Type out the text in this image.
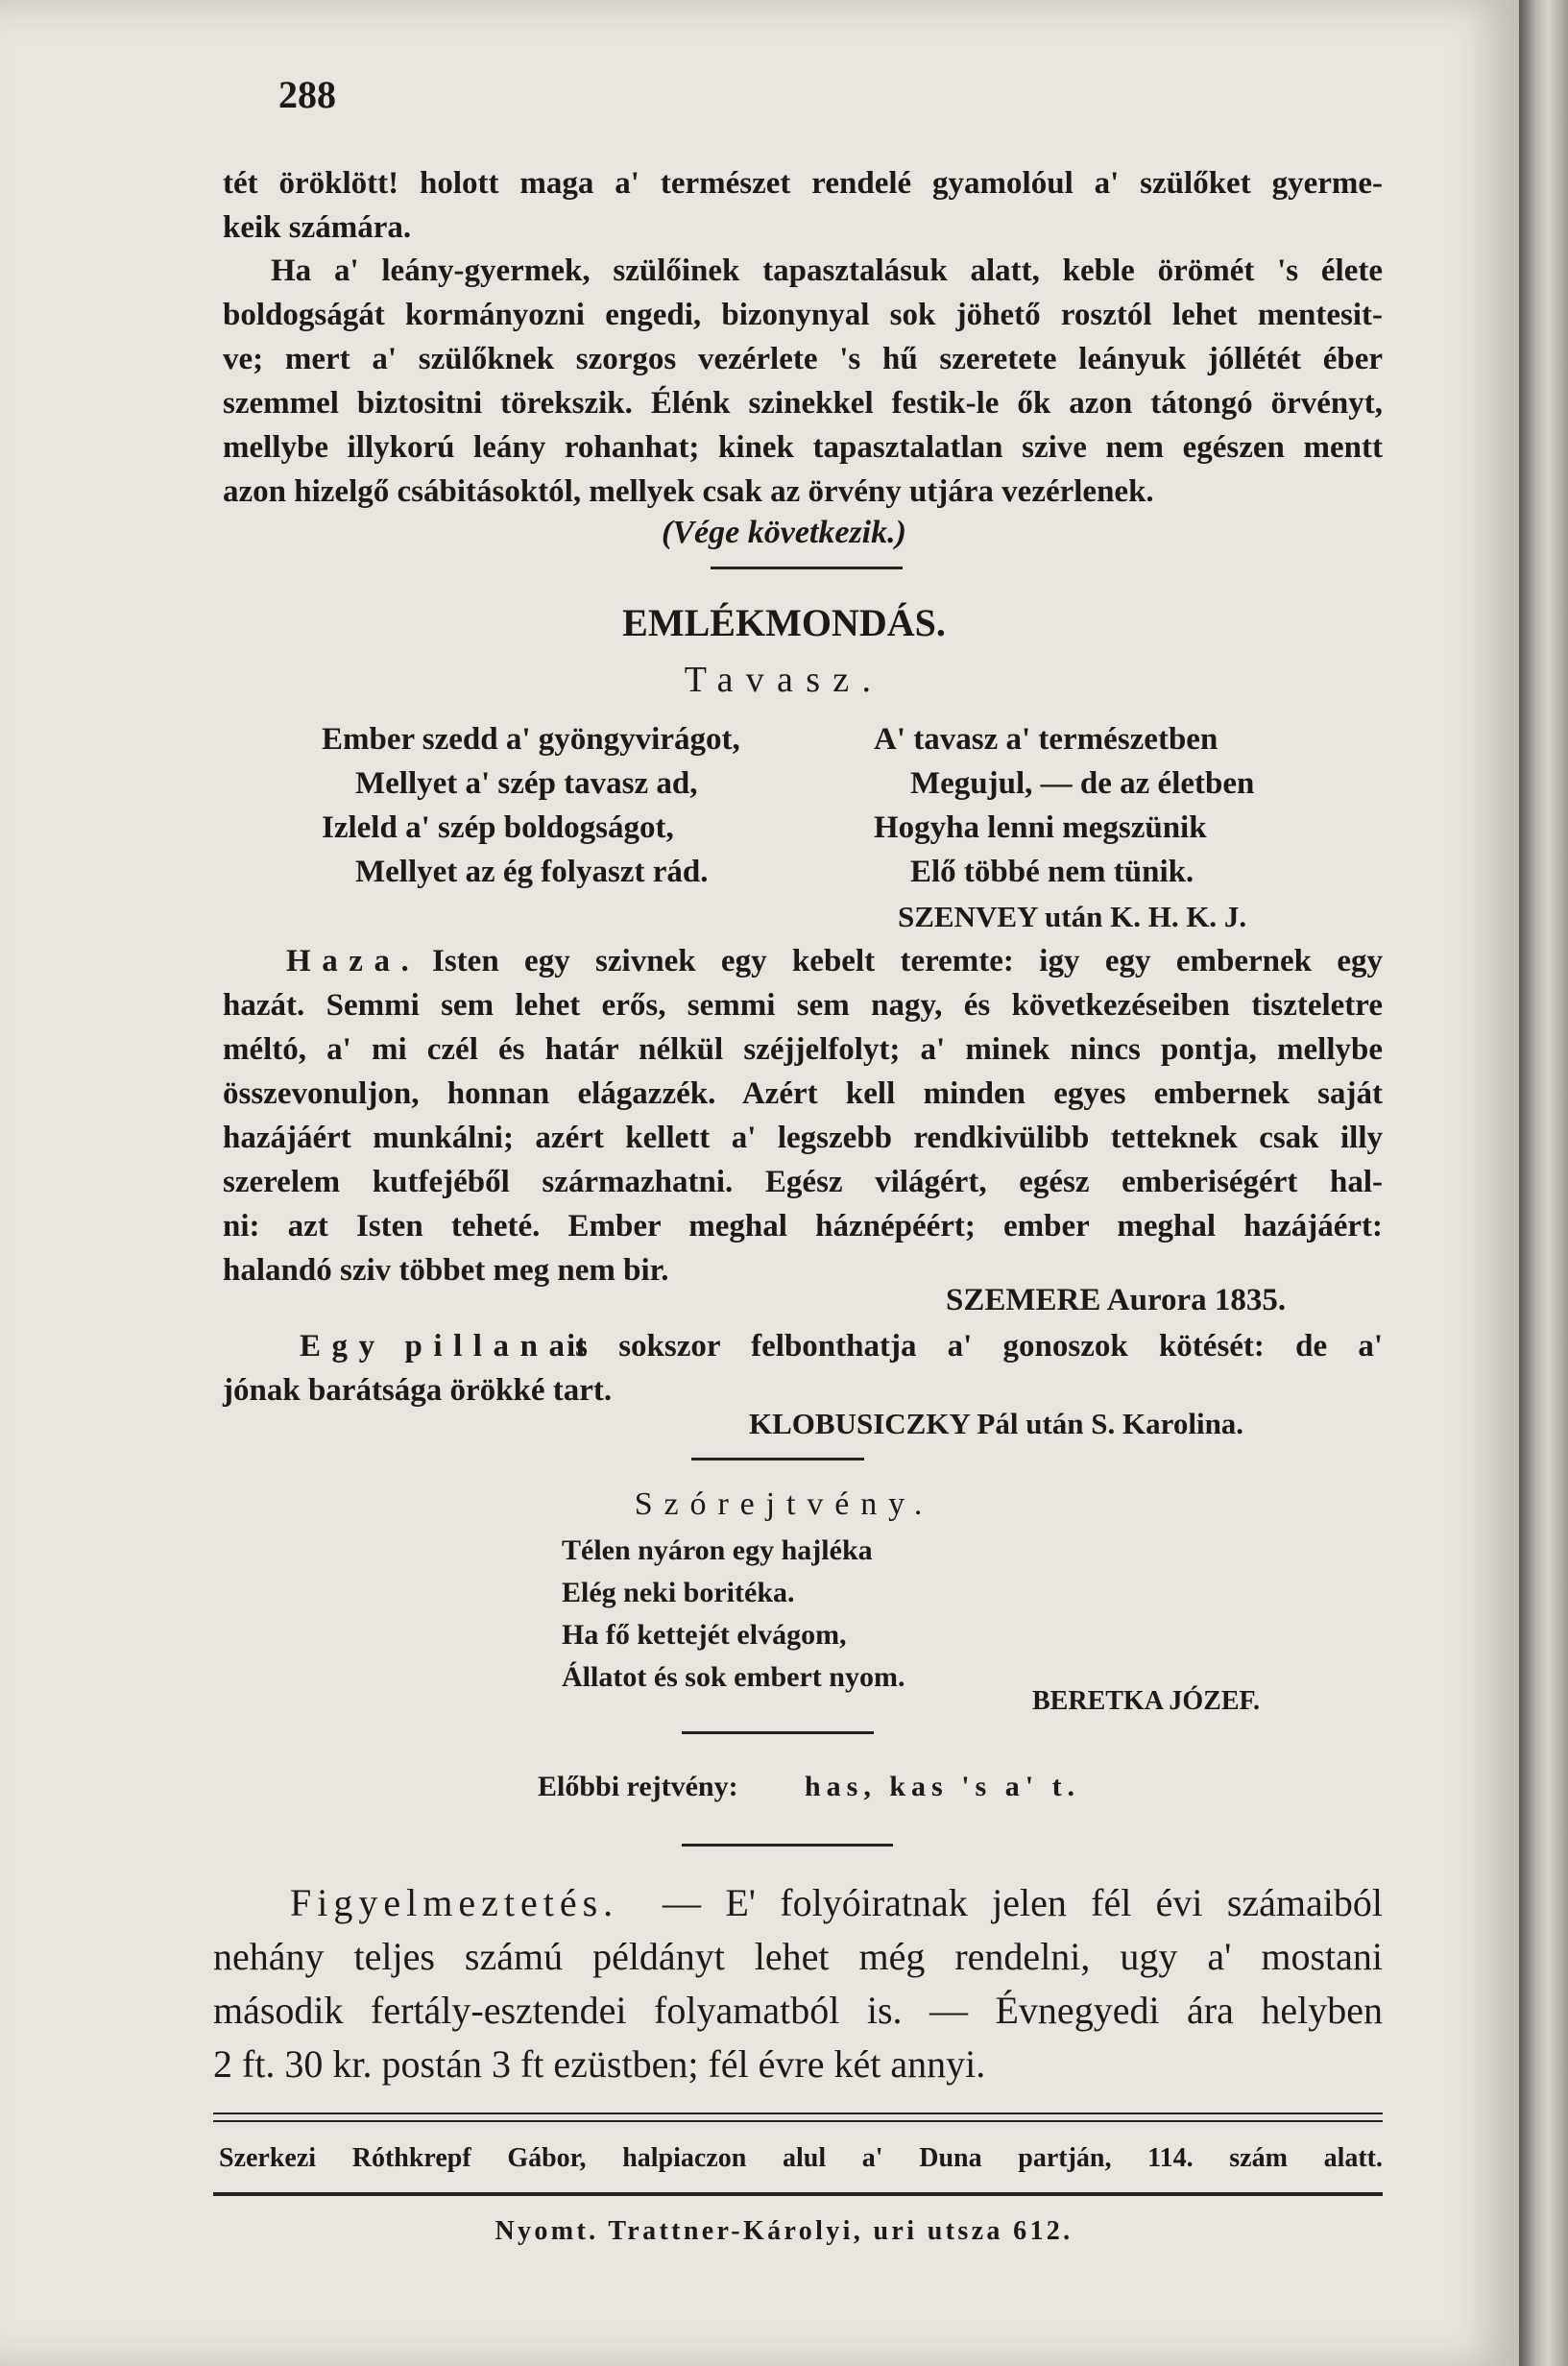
288
tét öröklött! holott maga a' természet rendelé gyamolóul a' szülőket gyerme-
keik számára.
Ha a' leány-gyermek, szülőinek tapasztalásuk alatt, keble örömét 's élete
boldogságát kormányozni engedi, bizonynyal sok jöhető rosztól lehet mentesit-
ve; mert a' szülőknek szorgos vezérlete 's hű szeretete leányuk jóllétét éber
szemmel biztositni törekszik. Élénk szinekkel festik-le ők azon tátongó örvényt,
mellybe illykorú leány rohanhat; kinek tapasztalatlan szive nem egészen mentt
azon hizelgő csábitásoktól, mellyek csak az örvény utjára vezérlenek.
(Vége következik.)
EMLÉKMONDÁS.
Tavasz.
Ember szedd a' gyöngyvirágot,
Mellyet a' szép tavasz ad,
Izleld a' szép boldogságot,
Mellyet az ég folyaszt rád.
A' tavasz a' természetben
Megujul, — de az életben
Hogyha lenni megszünik
Elő többé nem tünik.
SZENVEY után K. H. K. J.
Haza. Isten egy szivnek egy kebelt teremte: igy egy embernek egy
hazát. Semmi sem lehet erős, semmi sem nagy, és következéseiben tiszteletre
méltó, a' mi czél és határ nélkül széjjelfolyt; a' minek nincs pontja, mellybe
összevonuljon, honnan elágazzék. Azért kell minden egyes embernek saját
hazájáért munkálni; azért kellett a' legszebb rendkivülibb tetteknek csak illy
szerelem kutfejéből származhatni. Egész világért, egész emberiségért hal-
ni: azt Isten teheté. Ember meghal háznépéért; ember meghal hazájáért:
halandó sziv többet meg nem bir.
SZEMERE Aurora 1835.
Egy pillanat
is sokszor felbonthatja a' gonoszok kötését: de a'
jónak barátsága örökké tart.
KLOBUSICZKY Pál után S. Karolina.
Szórejtvény.
Télen nyáron egy hajléka
Elég neki boritéka.
Ha fő kettejét elvágom,
Állatot és sok embert nyom.
BERETKA JÓZEF.
Előbbi rejtvény: has, kas 's a' t.
Figyelmeztetés. — E' folyóiratnak jelen fél évi számaiból
nehány teljes számú példányt lehet még rendelni, ugy a' mostani
második fertály-esztendei folyamatból is. — Évnegyedi ára helyben
2 ft. 30 kr. postán 3 ft ezüstben; fél évre két annyi.
Szerkezi Róthkrepf Gábor, halpiaczon alul a' Duna partján, 114. szám alatt.
Nyomt. Trattner-Károlyi, uri utsza 612.
